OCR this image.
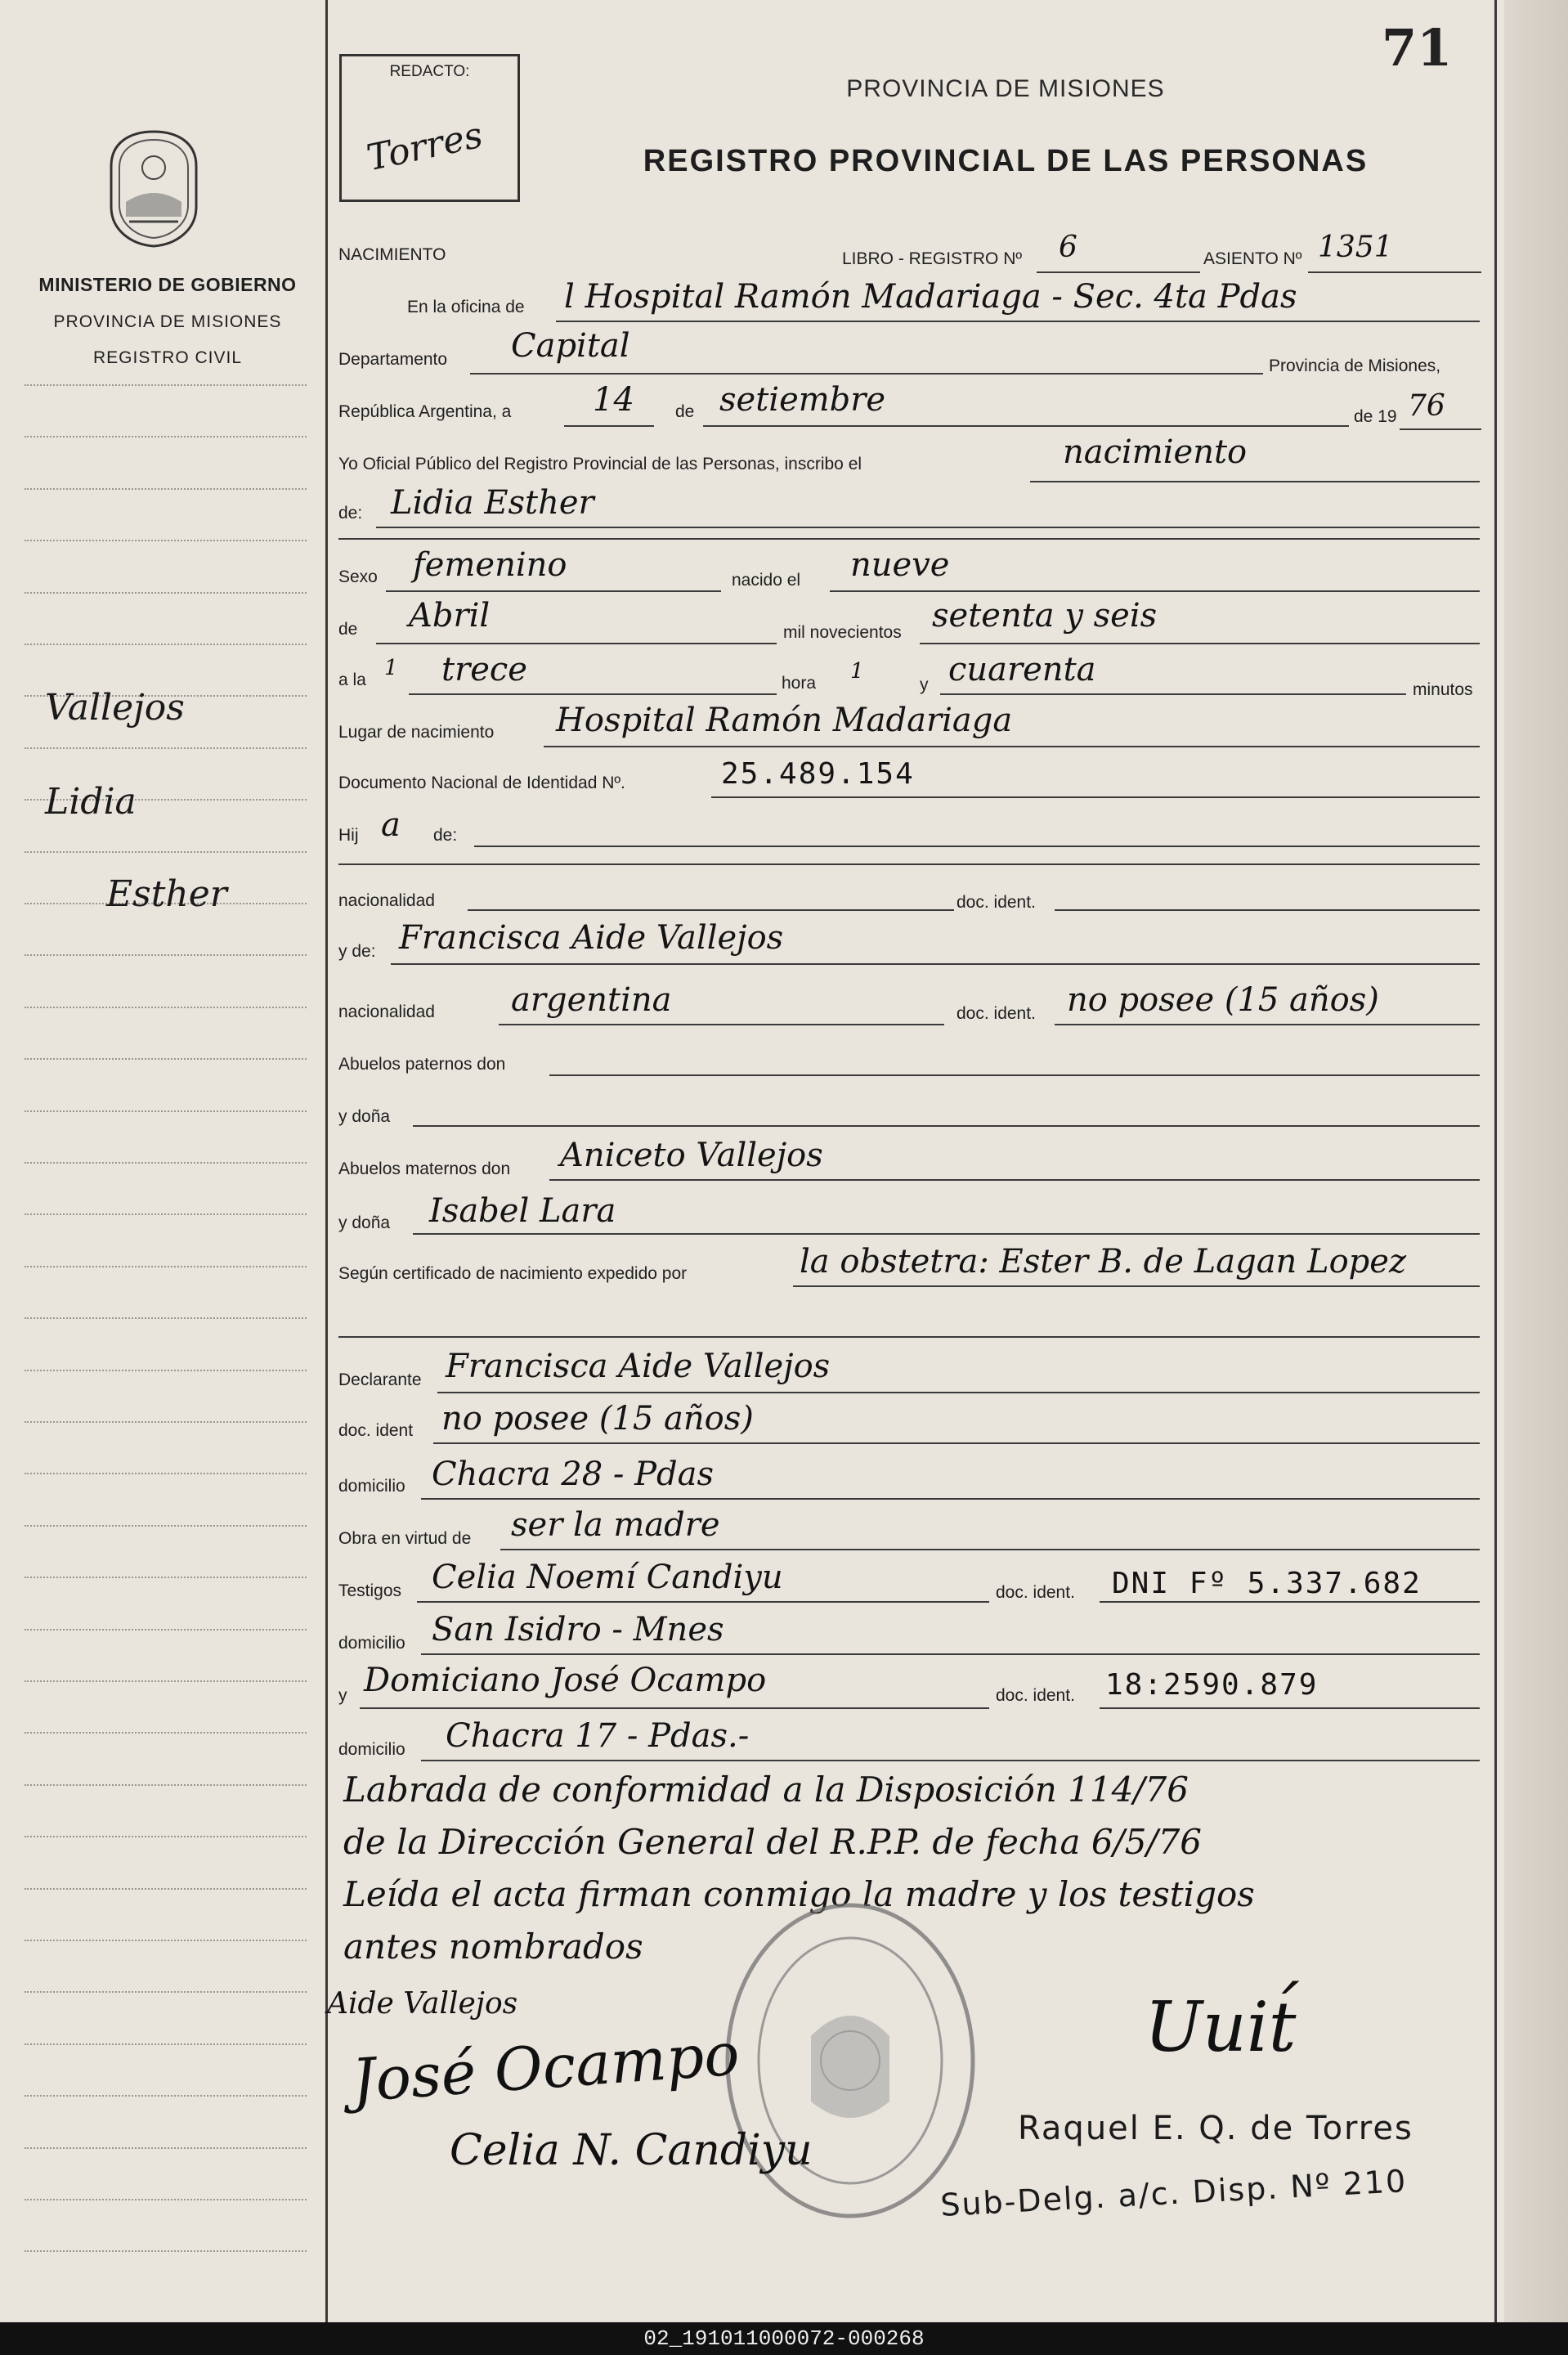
MINISTERIO DE GOBIERNO
PROVINCIA DE MISIONES
REGISTRO CIVIL
Vallejos
Lidia
Esther
REDACTO:
Torres
71
PROVINCIA DE MISIONES
REGISTRO PROVINCIAL DE LAS PERSONAS
NACIMIENTO	LIBRO - REGISTRO Nº 6	ASIENTO Nº 1351
En la oficina de l Hospital Ramón Madariaga - Sec. 4ta Pdas
Departamento Capital
Provincia de Misiones,
República Argentina, a 14 de setiembre	de 19 76
Yo Oficial Público del Registro Provincial de las Personas, inscribo el	nacimiento
de: Lidia Esther
Sexo femenino	nacido el nueve
de Abril	mil novecientos setenta y seis
a la 1 trece	hora 1
y cuarenta
minutos
Lugar de nacimiento Hospital Ramón Madariaga
Documento Nacional de Identidad Nº.	25.489.154
Hij a de:
nacionalidad	doc. ident.
y de: Francisca Aide Vallejos
nacionalidad argentina	doc. ident. no posee (15 años)
Abuelos paternos don
y doña
Abuelos maternos don Aniceto Vallejos
y doña Isabel Lara
Según certificado de nacimiento expedido por	la obstetra: Ester B. de Lagan Lopez
Declarante Francisca Aide Vallejos
doc. ident no posee (15 años)
domicilio Chacra 28 - Pdas
Obra en virtud de ser la madre
Testigos Celia Noemí Candiyu	doc. ident. DNI Fº 5.337.682
domicilio San Isidro - Mnes
y Domiciano José Ocampo	doc. ident. 18:2590.879
domicilio Chacra 17 - Pdas.-
Labrada de conformidad a la Disposición 114/76
de la Dirección General del R.P.P. de fecha 6/5/76
Leída el acta firman conmigo la madre y los testigos
antes nombrados
Aide Vallejos
José Ocampo
Celia N. Candiyu
Uuit́
Raquel E. Q. de Torres
Sub-Delg. a/c. Disp. Nº 210
02_191011000072-000268
